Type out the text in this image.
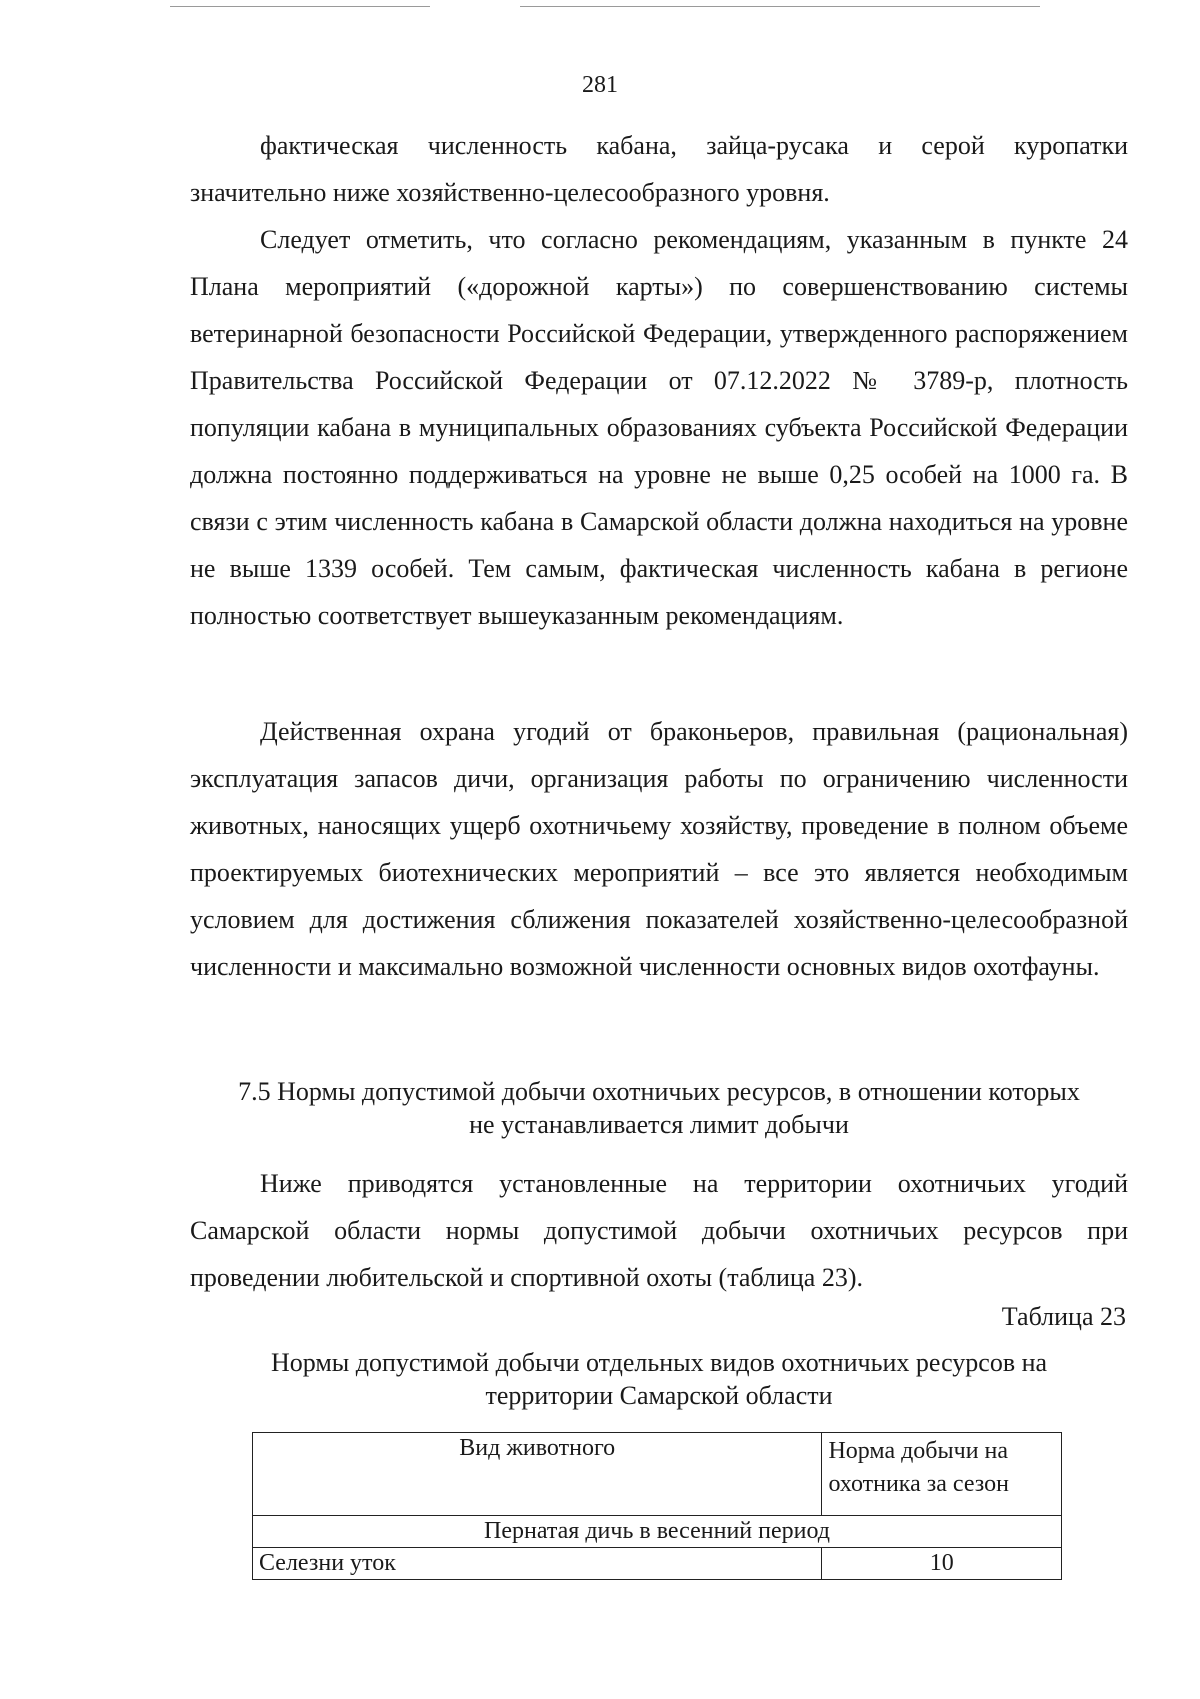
281

фактическая численность кабана, зайца-русака и серой куропатки значительно ниже хозяйственно-целесообразного уровня.

Следует отметить, что согласно рекомендациям, указанным в пункте 24 Плана мероприятий («дорожной карты») по совершенствованию системы ветеринарной безопасности Российской Федерации, утвержденного распоряжением Правительства Российской Федерации от 07.12.2022 № 3789-р, плотность популяции кабана в муниципальных образованиях субъекта Российской Федерации должна постоянно поддерживаться на уровне не выше 0,25 особей на 1000 га. В связи с этим численность кабана в Самарской области должна находиться на уровне не выше 1339 особей. Тем самым, фактическая численность кабана в регионе полностью соответствует вышеуказанным рекомендациям.

Действенная охрана угодий от браконьеров, правильная (рациональная) эксплуатация запасов дичи, организация работы по ограничению численности животных, наносящих ущерб охотничьему хозяйству, проведение в полном объеме проектируемых биотехнических мероприятий – все это является необходимым условием для достижения сближения показателей хозяйственно-целесообразной численности и максимально возможной численности основных видов охотфауны.

7.5 Нормы допустимой добычи охотничьих ресурсов, в отношении которых
не устанавливается лимит добычи

Ниже приводятся установленные на территории охотничьих угодий Самарской области нормы допустимой добычи охотничьих ресурсов при проведении любительской и спортивной охоты (таблица 23).

Таблица 23
Нормы допустимой добычи отдельных видов охотничьих ресурсов на
территории Самарской области
Вид животного	Норма добычи на охотника за сезон
Пернатая дичь в весенний период	
Селезни уток	10
